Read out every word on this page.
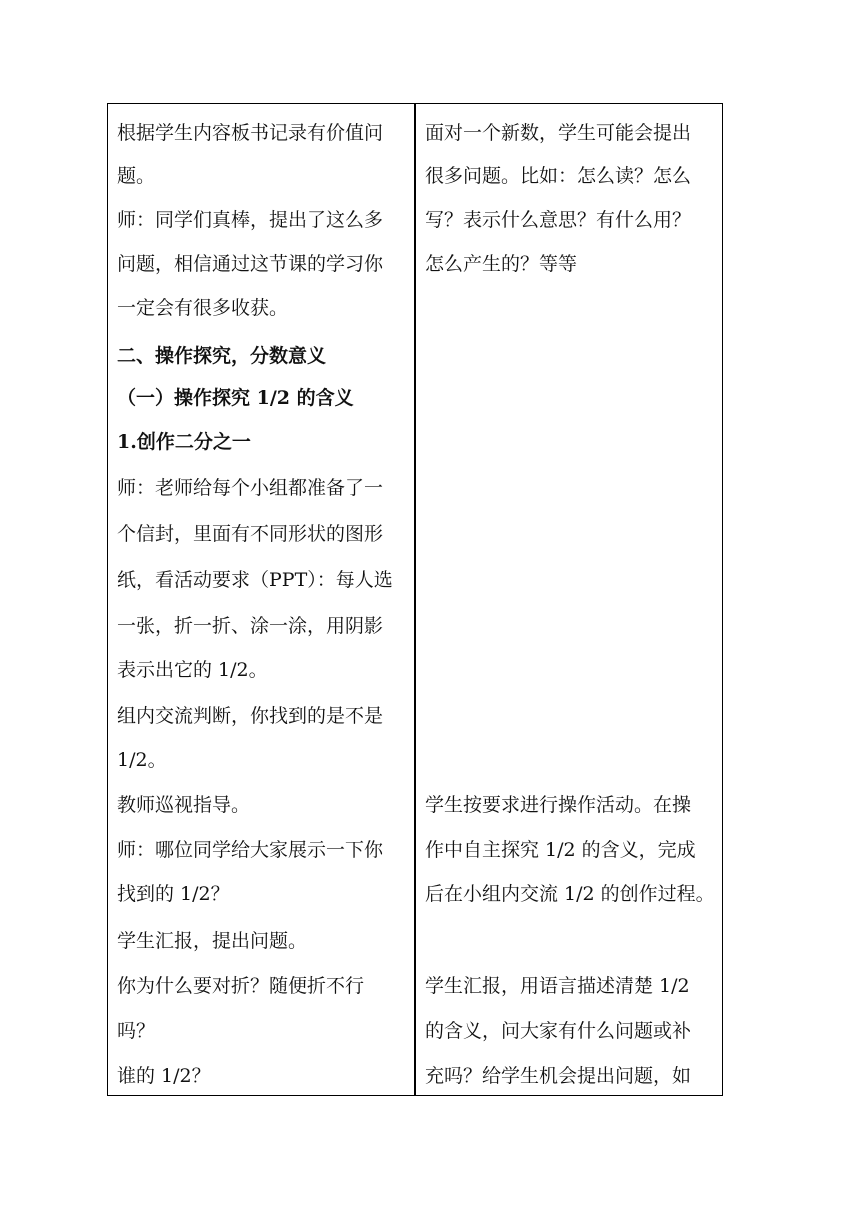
根据学生内容板书记录有价值问
题。
师：同学们真棒，提出了这么多
问题，相信通过这节课的学习你
一定会有很多收获。
二、操作探究，分数意义
（一）操作探究 1/2 的含义
1.创作二分之一
师：老师给每个小组都准备了一
个信封，里面有不同形状的图形
纸，看活动要求（PPT）：每人选
一张，折一折、涂一涂，用阴影
表示出它的 1/2。
组内交流判断，你找到的是不是
1/2。
教师巡视指导。
师：哪位同学给大家展示一下你
找到的 1/2？
学生汇报，提出问题。
你为什么要对折？随便折不行
吗？
谁的 1/2？
面对一个新数，学生可能会提出
很多问题。比如：怎么读？怎么
写？表示什么意思？有什么用？
怎么产生的？等等
学生按要求进行操作活动。在操
作中自主探究 1/2 的含义，完成
后在小组内交流 1/2 的创作过程。
学生汇报，用语言描述清楚 1/2
的含义，问大家有什么问题或补
充吗？给学生机会提出问题，如
